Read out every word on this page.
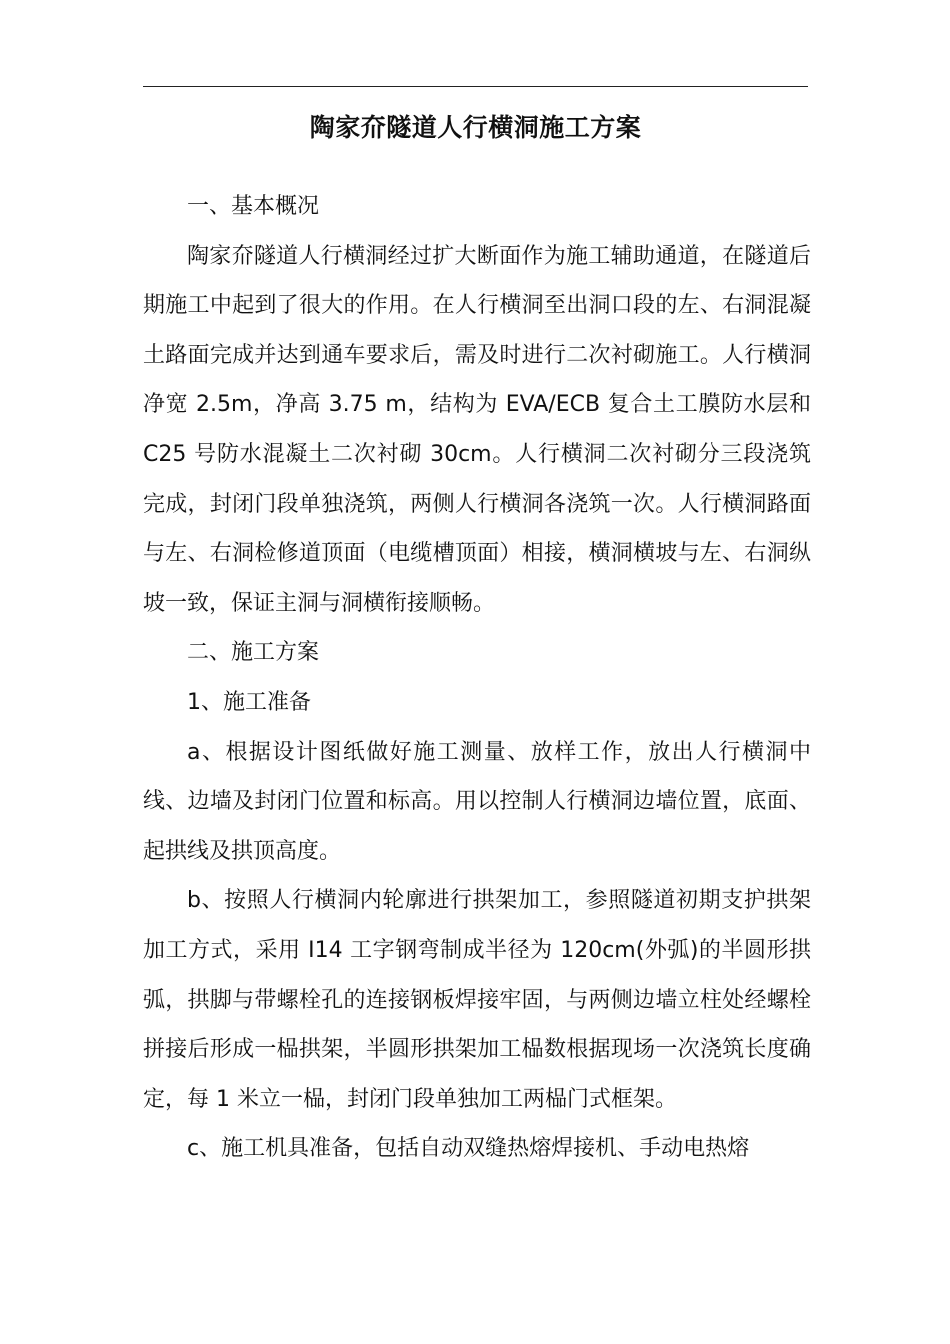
陶家夼隧道人行横洞施工方案

一、基本概况

陶家夼隧道人行横洞经过扩大断面作为施工辅助通道，在隧道后期施工中起到了很大的作用。在人行横洞至出洞口段的左、右洞混凝土路面完成并达到通车要求后，需及时进行二次衬砌施工。人行横洞净宽 2.5m，净高 3.75 m，结构为 EVA/ECB 复合土工膜防水层和 C25 号防水混凝土二次衬砌 30cm。人行横洞二次衬砌分三段浇筑完成，封闭门段单独浇筑，两侧人行横洞各浇筑一次。人行横洞路面与左、右洞检修道顶面（电缆槽顶面）相接，横洞横坡与左、右洞纵坡一致，保证主洞与洞横衔接顺畅。

二、施工方案

1、施工准备

a、根据设计图纸做好施工测量、放样工作，放出人行横洞中线、边墙及封闭门位置和标高。用以控制人行横洞边墙位置，底面、起拱线及拱顶高度。

b、按照人行横洞内轮廓进行拱架加工，参照隧道初期支护拱架加工方式，采用 I14 工字钢弯制成半径为 120cm(外弧)的半圆形拱弧，拱脚与带螺栓孔的连接钢板焊接牢固，与两侧边墙立柱处经螺栓拼接后形成一榀拱架，半圆形拱架加工榀数根据现场一次浇筑长度确定，每 1 米立一榀，封闭门段单独加工两榀门式框架。

c、施工机具准备，包括自动双缝热熔焊接机、手动电热熔
